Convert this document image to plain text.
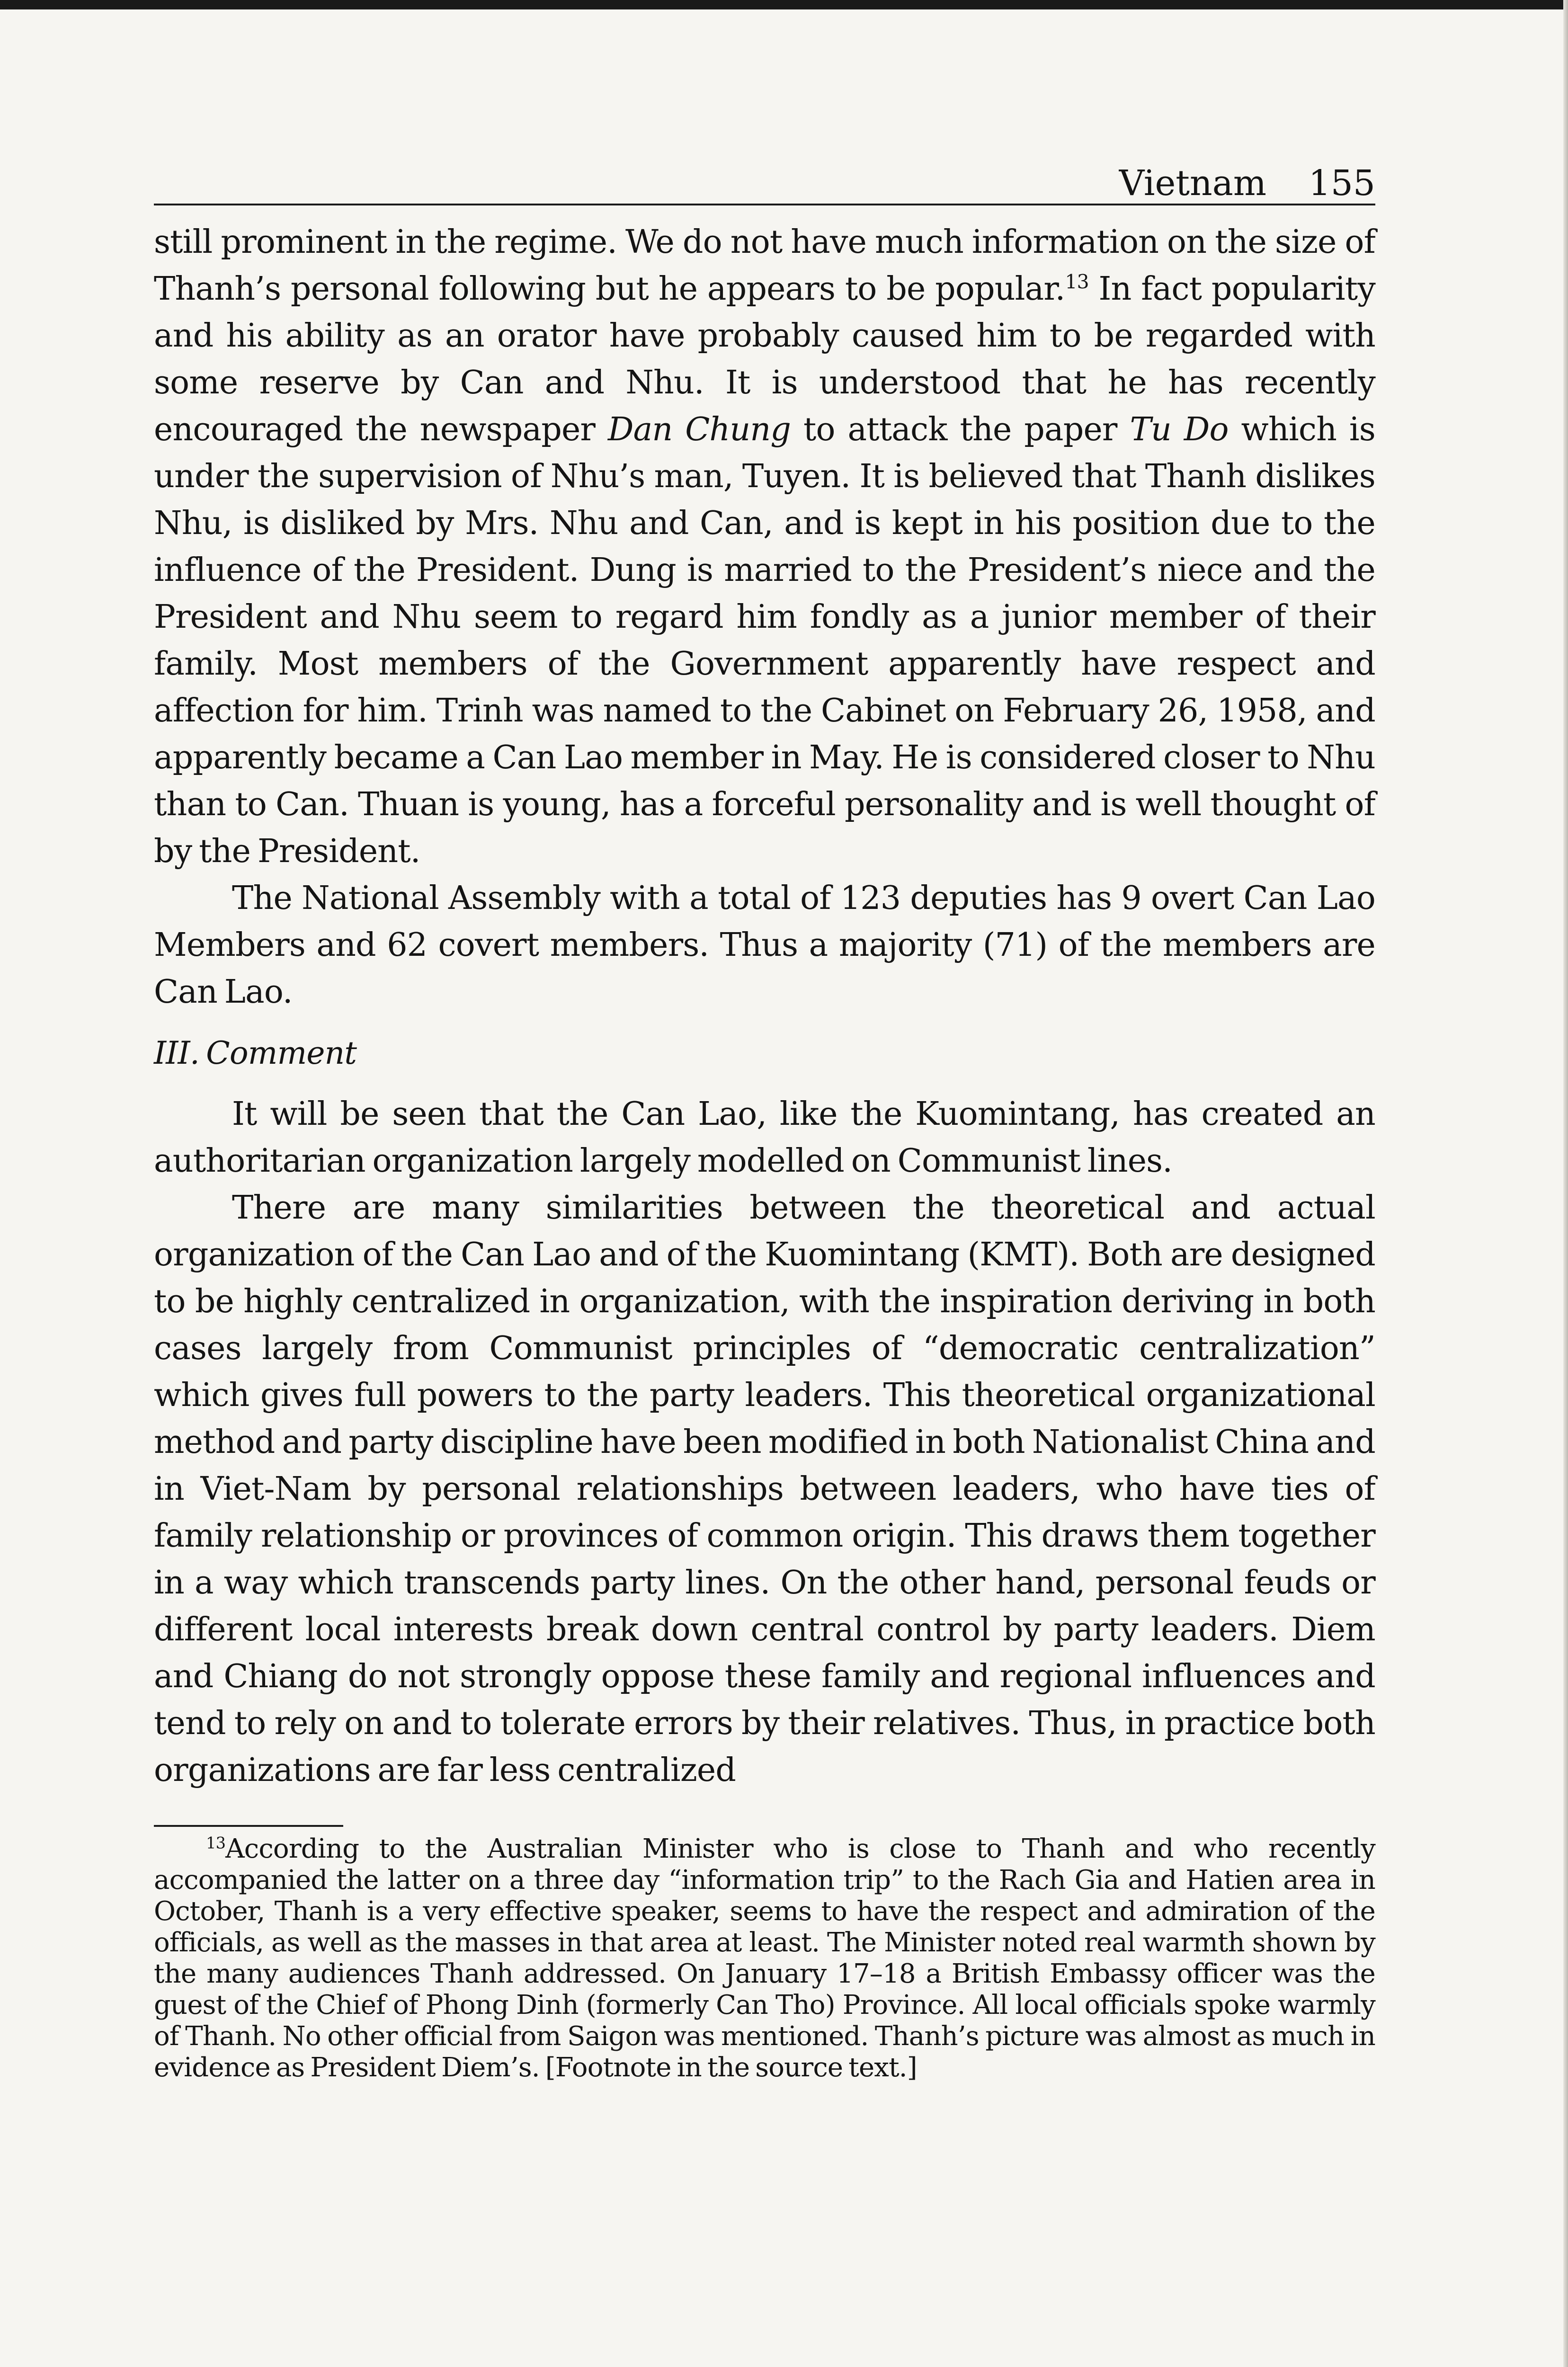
Vietnam 155

still prominent in the regime. We do not have much information on the size of Thanh’s personal following but he appears to be popular.$^{13}$ In fact popularity and his ability as an orator have probably caused him to be regarded with some reserve by Can and Nhu. It is understood that he has recently encouraged the newspaper Dan Chung to attack the paper Tu Do which is under the supervision of Nhu’s man, Tuyen. It is believed that Thanh dislikes Nhu, is disliked by Mrs. Nhu and Can, and is kept in his position due to the influence of the President. Dung is married to the President’s niece and the President and Nhu seem to regard him fondly as a junior member of their family. Most members of the Government apparently have respect and affection for him. Trinh was named to the Cabinet on February 26, 1958, and apparently became a Can Lao member in May. He is considered closer to Nhu than to Can. Thuan is young, has a forceful personality and is well thought of by the President.

The National Assembly with a total of 123 deputies has 9 overt Can Lao Members and 62 covert members. Thus a majority (71) of the members are Can Lao.

III. Comment

It will be seen that the Can Lao, like the Kuomintang, has created an authoritarian organization largely modelled on Communist lines.

There are many similarities between the theoretical and actual organization of the Can Lao and of the Kuomintang (KMT). Both are designed to be highly centralized in organization, with the inspiration deriving in both cases largely from Communist principles of “democratic centralization” which gives full powers to the party leaders. This theoretical organizational method and party discipline have been modified in both Nationalist China and in Viet-Nam by personal relationships between leaders, who have ties of family relationship or provinces of common origin. This draws them together in a way which transcends party lines. On the other hand, personal feuds or different local interests break down central control by party leaders. Diem and Chiang do not strongly oppose these family and regional influences and tend to rely on and to tolerate errors by their relatives. Thus, in practice both organizations are far less centralized

$^{13}$According to the Australian Minister who is close to Thanh and who recently accompanied the latter on a three day “information trip” to the Rach Gia and Hatien area in October, Thanh is a very effective speaker, seems to have the respect and admiration of the officials, as well as the masses in that area at least. The Minister noted real warmth shown by the many audiences Thanh addressed. On January 17–18 a British Embassy officer was the guest of the Chief of Phong Dinh (formerly Can Tho) Province. All local officials spoke warmly of Thanh. No other official from Saigon was mentioned. Thanh’s picture was almost as much in evidence as President Diem’s. [Footnote in the source text.]
